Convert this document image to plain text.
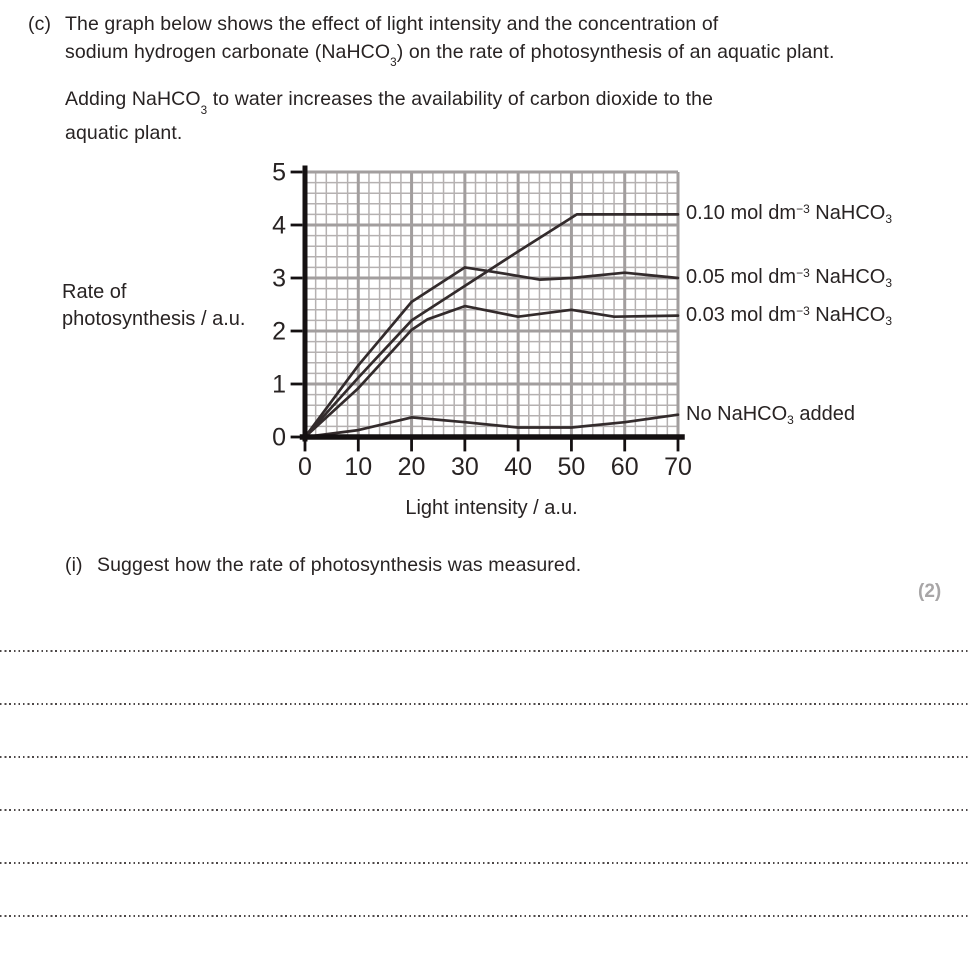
(c) The graph below shows the effect of light intensity and the concentration of
sodium hydrogen carbonate (NaHCO$_3$) on the rate of photosynthesis of an aquatic plant.
Adding NaHCO$_3$ to water increases the availability of carbon dioxide to the
aquatic plant.
Rate of
photosynthesis / a.u.
0
1
2
3
4
5
0 10 20 30 40 50 60 70
0.10 mol $dm^{-3}$ NaHCO$_3$
0.05 mol $dm^{-3}$ NaHCO$_3$
0.03 mol $dm^{-3}$ NaHCO$_3$
No NaHCO$_3$ added
Light intensity / a.u.
(i) Suggest how the rate of photosynthesis was measured.
(2)
